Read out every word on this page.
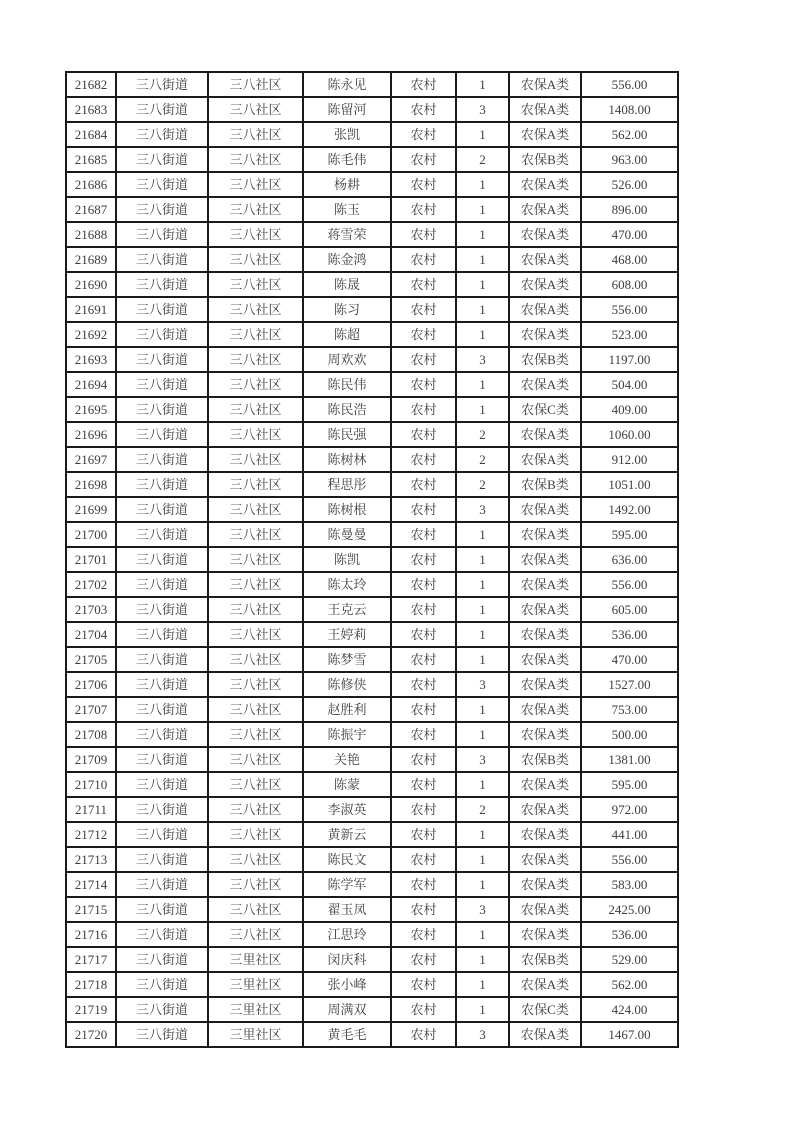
21682	三八街道	三八社区	陈永见	农村	1	农保A类	556.00
21683	三八街道	三八社区	陈留河	农村	3	农保A类	1408.00
21684	三八街道	三八社区	张凯	农村	1	农保A类	562.00
21685	三八街道	三八社区	陈毛伟	农村	2	农保B类	963.00
21686	三八街道	三八社区	杨耕	农村	1	农保A类	526.00
21687	三八街道	三八社区	陈玉	农村	1	农保A类	896.00
21688	三八街道	三八社区	蒋雪荣	农村	1	农保A类	470.00
21689	三八街道	三八社区	陈金鸿	农村	1	农保A类	468.00
21690	三八街道	三八社区	陈晟	农村	1	农保A类	608.00
21691	三八街道	三八社区	陈习	农村	1	农保A类	556.00
21692	三八街道	三八社区	陈超	农村	1	农保A类	523.00
21693	三八街道	三八社区	周欢欢	农村	3	农保B类	1197.00
21694	三八街道	三八社区	陈民伟	农村	1	农保A类	504.00
21695	三八街道	三八社区	陈民浩	农村	1	农保C类	409.00
21696	三八街道	三八社区	陈民强	农村	2	农保A类	1060.00
21697	三八街道	三八社区	陈树林	农村	2	农保A类	912.00
21698	三八街道	三八社区	程思彤	农村	2	农保B类	1051.00
21699	三八街道	三八社区	陈树根	农村	3	农保A类	1492.00
21700	三八街道	三八社区	陈曼曼	农村	1	农保A类	595.00
21701	三八街道	三八社区	陈凯	农村	1	农保A类	636.00
21702	三八街道	三八社区	陈太玲	农村	1	农保A类	556.00
21703	三八街道	三八社区	王克云	农村	1	农保A类	605.00
21704	三八街道	三八社区	王婷莉	农村	1	农保A类	536.00
21705	三八街道	三八社区	陈梦雪	农村	1	农保A类	470.00
21706	三八街道	三八社区	陈修侠	农村	3	农保A类	1527.00
21707	三八街道	三八社区	赵胜利	农村	1	农保A类	753.00
21708	三八街道	三八社区	陈振宇	农村	1	农保A类	500.00
21709	三八街道	三八社区	关艳	农村	3	农保B类	1381.00
21710	三八街道	三八社区	陈蒙	农村	1	农保A类	595.00
21711	三八街道	三八社区	李淑英	农村	2	农保A类	972.00
21712	三八街道	三八社区	黄新云	农村	1	农保A类	441.00
21713	三八街道	三八社区	陈民文	农村	1	农保A类	556.00
21714	三八街道	三八社区	陈学军	农村	1	农保A类	583.00
21715	三八街道	三八社区	翟玉凤	农村	3	农保A类	2425.00
21716	三八街道	三八社区	江思玲	农村	1	农保A类	536.00
21717	三八街道	三里社区	闵庆科	农村	1	农保B类	529.00
21718	三八街道	三里社区	张小峰	农村	1	农保A类	562.00
21719	三八街道	三里社区	周满双	农村	1	农保C类	424.00
21720	三八街道	三里社区	黄毛毛	农村	3	农保A类	1467.00
